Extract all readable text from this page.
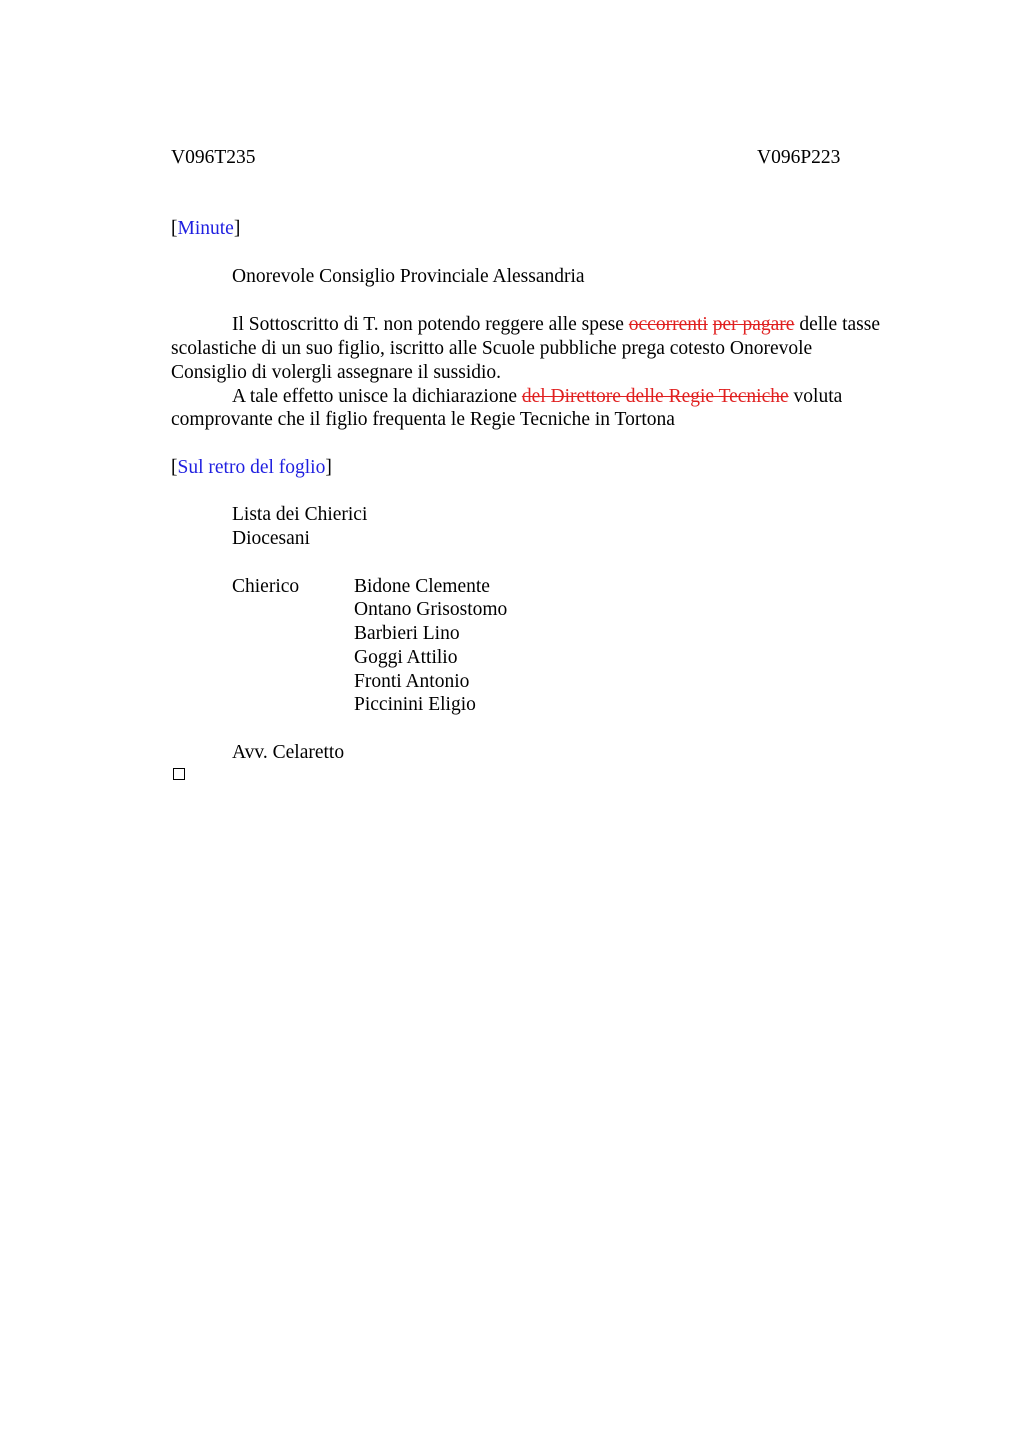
V096T235	V096P223
[Minute]
Onorevole Consiglio Provinciale Alessandria
Il Sottoscritto di T. non potendo reggere alle spese occorrenti per pagare delle tasse
scolastiche di un suo figlio, iscritto alle Scuole pubbliche prega cotesto Onorevole
Consiglio di volergli assegnare il sussidio.
A tale effetto unisce la dichiarazione del Direttore delle Regie Tecniche voluta
comprovante che il figlio frequenta le Regie Tecniche in Tortona
[Sul retro del foglio]
Lista dei Chierici
Diocesani
Chierico	Bidone Clemente
Ontano Grisostomo
Barbieri Lino
Goggi Attilio
Fronti Antonio
Piccinini Eligio
Avv. Celaretto
